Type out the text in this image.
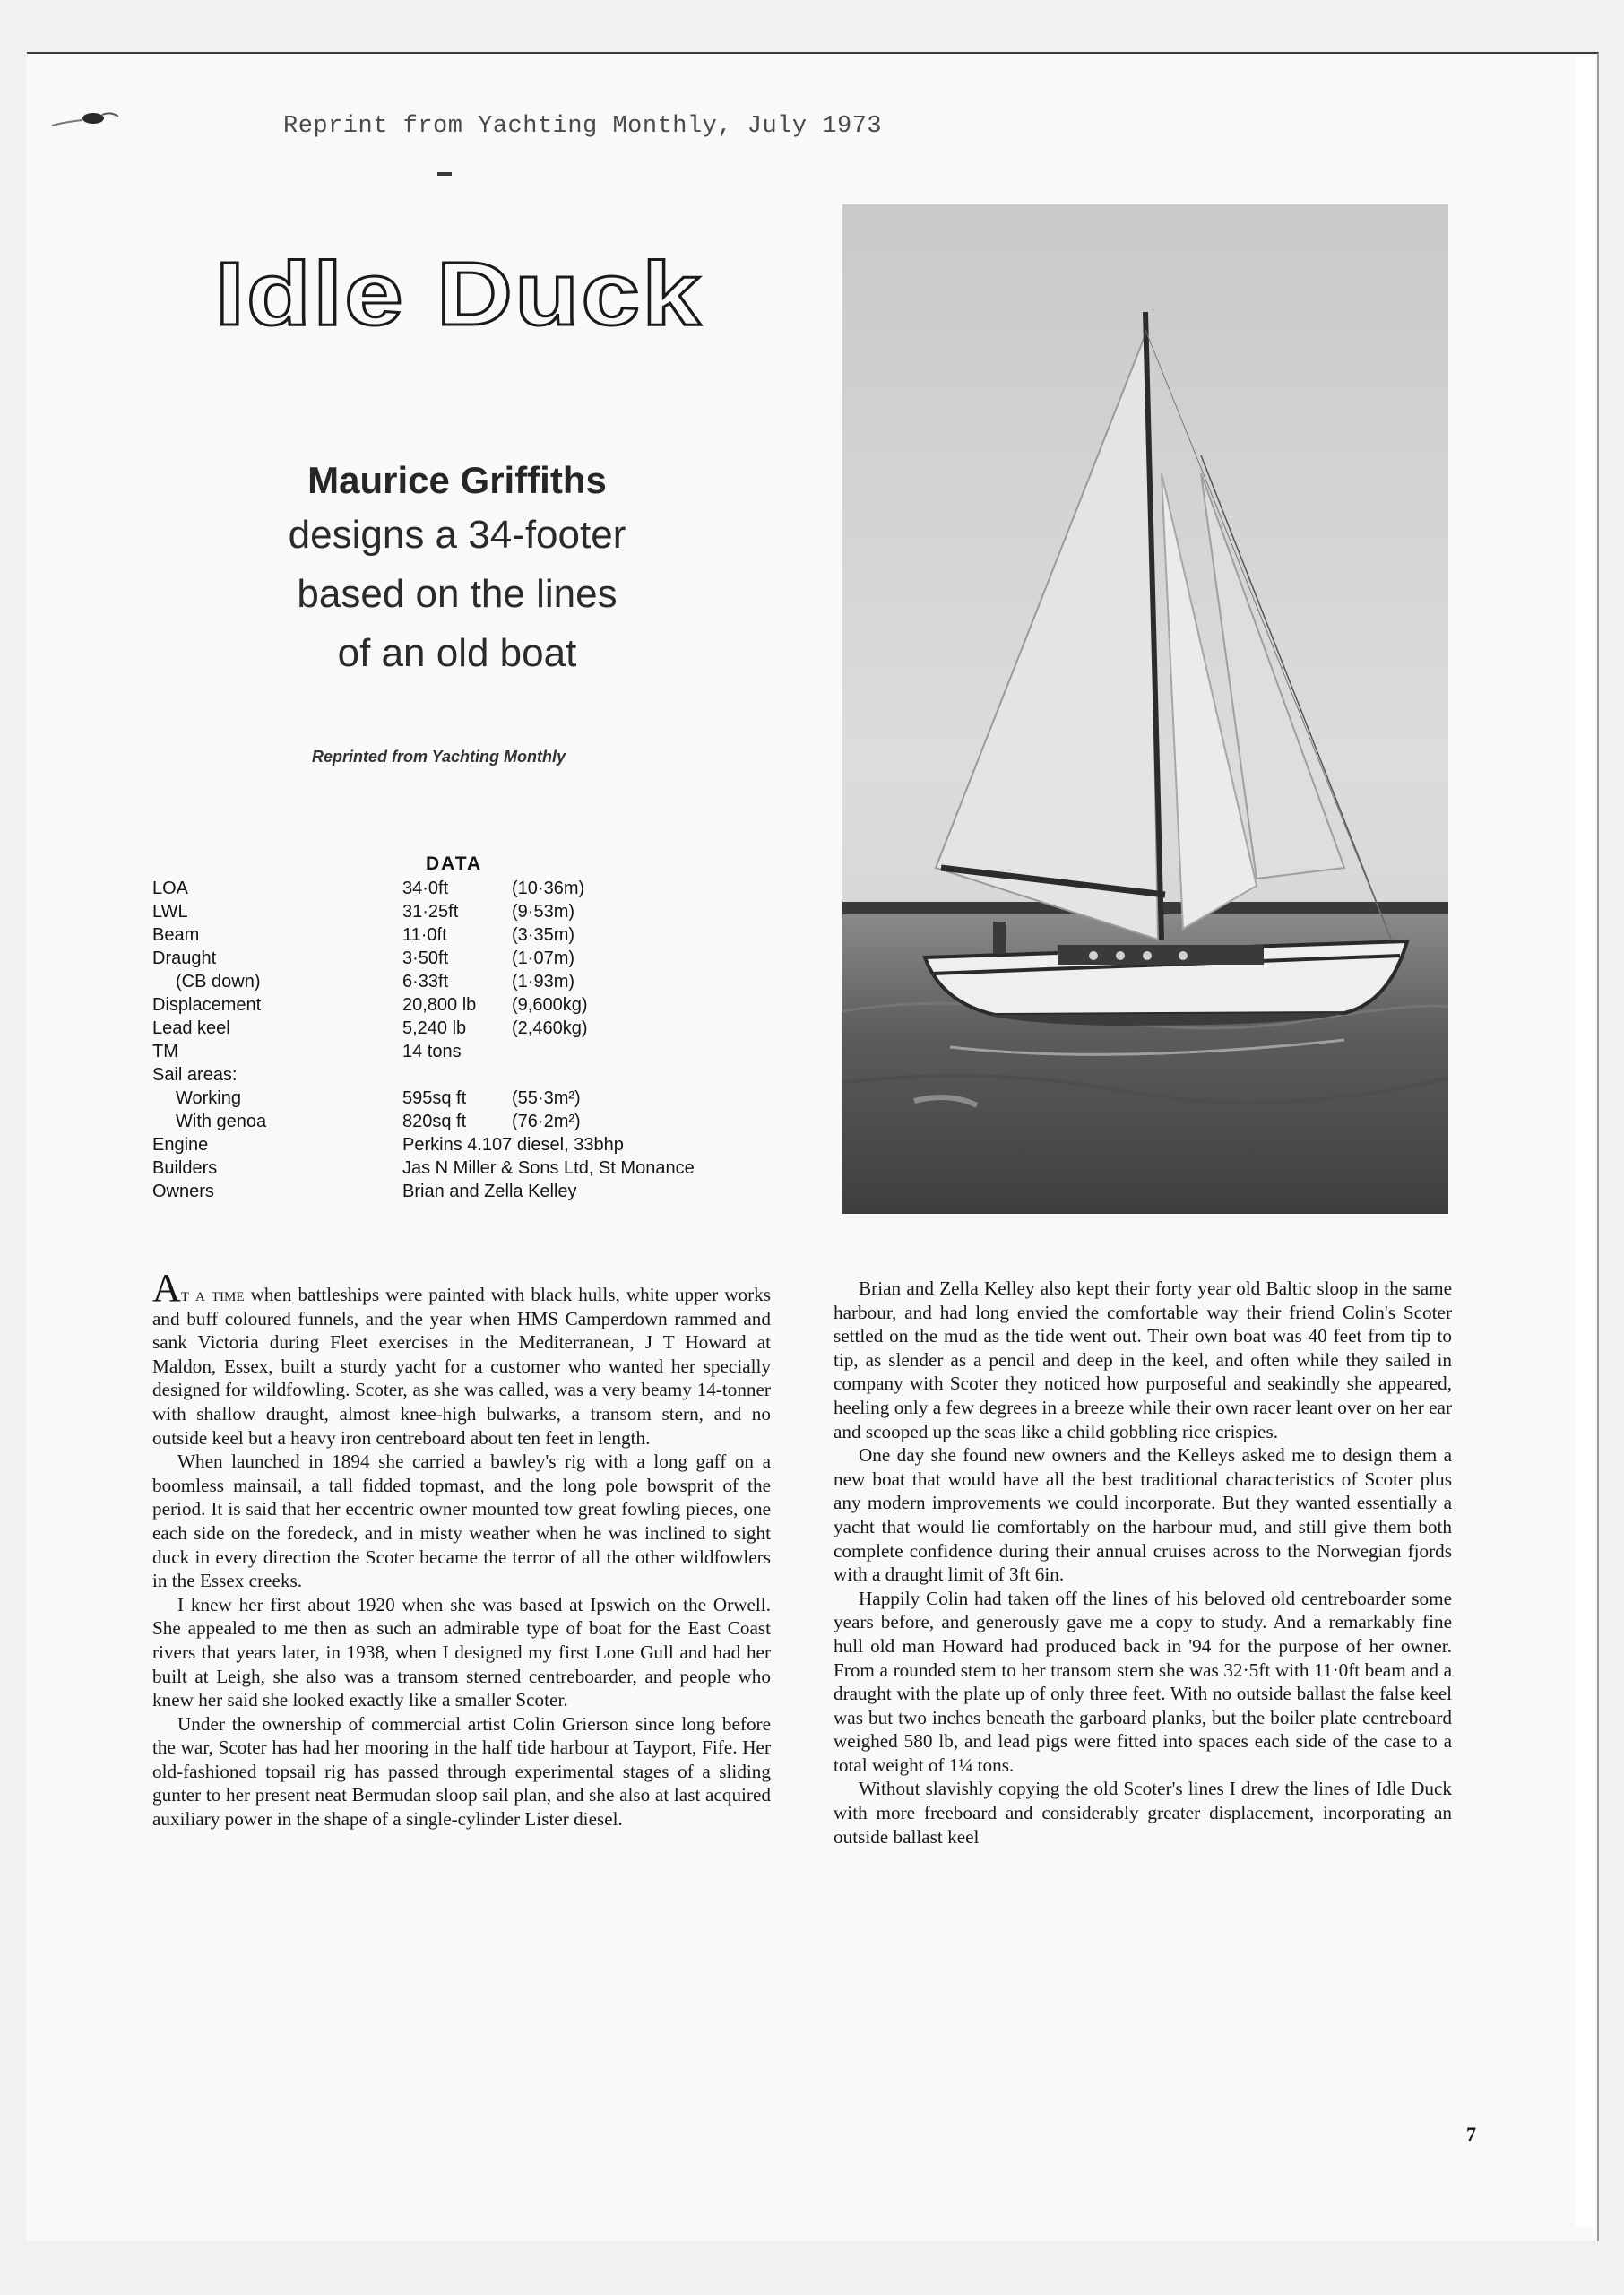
Reprint from Yachting Monthly, July 1973
Idle Duck
Maurice Griffiths
designs a 34-footer
based on the lines
of an old boat
Reprinted from Yachting Monthly
DATA
LOA	34·0ft	(10·36m)
LWL	31·25ft	(9·53m)
Beam	11·0ft	(3·35m)
Draught	3·50ft	(1·07m)
(CB down)	6·33ft	(1·93m)
Displacement	20,800 lb	(9,600kg)
Lead keel	5,240 lb	(2,460kg)
TM	14 tons	
Sail areas:		
Working	595sq ft	(55·3m²)
With genoa	820sq ft	(76·2m²)
Engine	Perkins 4.107 diesel, 33bhp	
Builders	Jas N Miller & Sons Ltd, St Monance	
Owners	Brian and Zella Kelley	

At a time when battleships were painted with black hulls, white upper works and buff coloured funnels, and the year when HMS Camperdown rammed and sank Victoria during Fleet exercises in the Mediterranean, J T Howard at Maldon, Essex, built a sturdy yacht for a customer who wanted her specially designed for wildfowling. Scoter, as she was called, was a very beamy 14-tonner with shallow draught, almost knee-high bulwarks, a transom stern, and no outside keel but a heavy iron centreboard about ten feet in length.

When launched in 1894 she carried a bawley's rig with a long gaff on a boomless mainsail, a tall fidded topmast, and the long pole bowsprit of the period. It is said that her eccentric owner mounted tow great fowling pieces, one each side on the foredeck, and in misty weather when he was inclined to sight duck in every direction the Scoter became the terror of all the other wildfowlers in the Essex creeks.

I knew her first about 1920 when she was based at Ipswich on the Orwell. She appealed to me then as such an admirable type of boat for the East Coast rivers that years later, in 1938, when I designed my first Lone Gull and had her built at Leigh, she also was a transom sterned centreboarder, and people who knew her said she looked exactly like a smaller Scoter.

Under the ownership of commercial artist Colin Grierson since long before the war, Scoter has had her mooring in the half tide harbour at Tayport, Fife. Her old-fashioned topsail rig has passed through experimental stages of a sliding gunter to her present neat Bermudan sloop sail plan, and she also at last acquired auxiliary power in the shape of a single-cylinder Lister diesel.

Brian and Zella Kelley also kept their forty year old Baltic sloop in the same harbour, and had long envied the comfortable way their friend Colin's Scoter settled on the mud as the tide went out. Their own boat was 40 feet from tip to tip, as slender as a pencil and deep in the keel, and often while they sailed in company with Scoter they noticed how purposeful and seakindly she appeared, heeling only a few degrees in a breeze while their own racer leant over on her ear and scooped up the seas like a child gobbling rice crispies.

One day she found new owners and the Kelleys asked me to design them a new boat that would have all the best traditional characteristics of Scoter plus any modern improvements we could incorporate. But they wanted essentially a yacht that would lie comfortably on the harbour mud, and still give them both complete confidence during their annual cruises across to the Norwegian fjords with a draught limit of 3ft 6in.

Happily Colin had taken off the lines of his beloved old centreboarder some years before, and generously gave me a copy to study. And a remarkably fine hull old man Howard had produced back in '94 for the purpose of her owner. From a rounded stem to her transom stern she was 32·5ft with 11·0ft beam and a draught with the plate up of only three feet. With no outside ballast the false keel was but two inches beneath the garboard planks, but the boiler plate centreboard weighed 580 lb, and lead pigs were fitted into spaces each side of the case to a total weight of 1¼ tons.

Without slavishly copying the old Scoter's lines I drew the lines of Idle Duck with more freeboard and considerably greater displacement, incorporating an outside ballast keel

7
